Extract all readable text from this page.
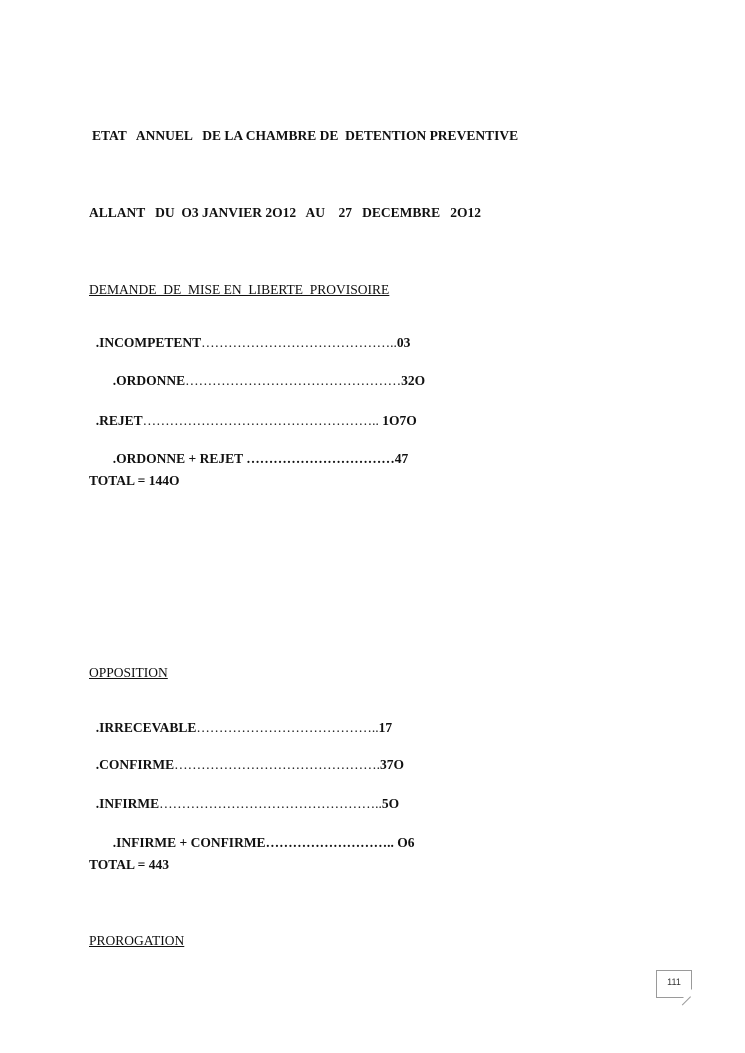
ETAT   ANNUEL   DE LA CHAMBRE DE  DETENTION PREVENTIVE
ALLANT   DU  O3 JANVIER 2O12   AU    27   DECEMBRE   2O12
DEMANDE  DE  MISE EN  LIBERTE  PROVISOIRE

.INCOMPETENT……………………………………..03

.ORDONNE…………………………………………32O

.REJET…………………………………………….. 1O7O

.ORDONNE + REJET ……………………………47

TOTAL = 144O
OPPOSITION

.IRRECEVABLE…………………………………..17

.CONFIRME……………………………………….37O

.INFIRME…………………………………………..5O

.INFIRME + CONFIRME……………………….. O6

TOTAL = 443
PROROGATION
111
